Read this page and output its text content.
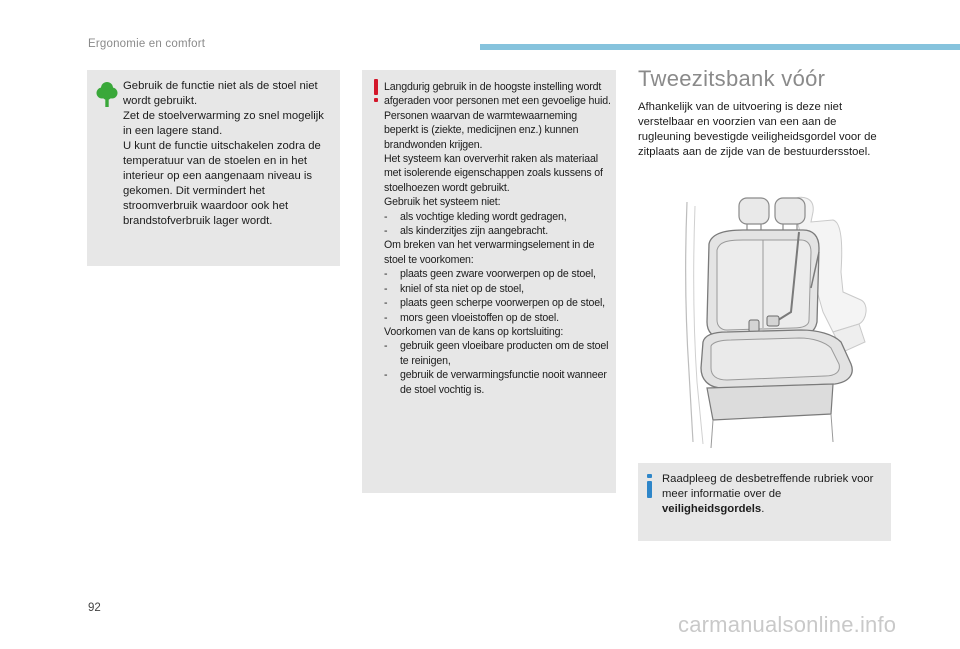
Ergonomie en comfort

Gebruik de functie niet als de stoel niet wordt gebruikt.

Zet de stoelverwarming zo snel mogelijk in een lagere stand.

U kunt de functie uitschakelen zodra de temperatuur van de stoelen en in het interieur op een aangenaam niveau is gekomen. Dit vermindert het stroomverbruik waardoor ook het brandstofverbruik lager wordt.

Langdurig gebruik in de hoogste instelling wordt afgeraden voor personen met een gevoelige huid.

Personen waarvan de warmtewaarneming beperkt is (ziekte, medicijnen enz.) kunnen brandwonden krijgen.

Het systeem kan oververhit raken als materiaal met isolerende eigenschappen zoals kussens of stoelhoezen wordt gebruikt.

Gebruik het systeem niet:

- als vochtige kleding wordt gedragen,

- als kinderzitjes zijn aangebracht.

Om breken van het verwarmingselement in de stoel te voorkomen:

- plaats geen zware voorwerpen op de stoel,

- kniel of sta niet op de stoel,

- plaats geen scherpe voorwerpen op de stoel,

- mors geen vloeistoffen op de stoel.

Voorkomen van de kans op kortsluiting:

- gebruik geen vloeibare producten om de stoel te reinigen,

- gebruik de verwarmingsfunctie nooit wanneer de stoel vochtig is.

Tweezitsbank vóór
Afhankelijk van de uitvoering is deze niet verstelbaar en voorzien van een aan de rugleuning bevestigde veiligheidsgordel voor de zitplaats aan de zijde van de bestuurdersstoel.
Raadpleeg de desbetreffende rubriek voor meer informatie over de veiligheidsgordels.
92
carmanualsonline.info
